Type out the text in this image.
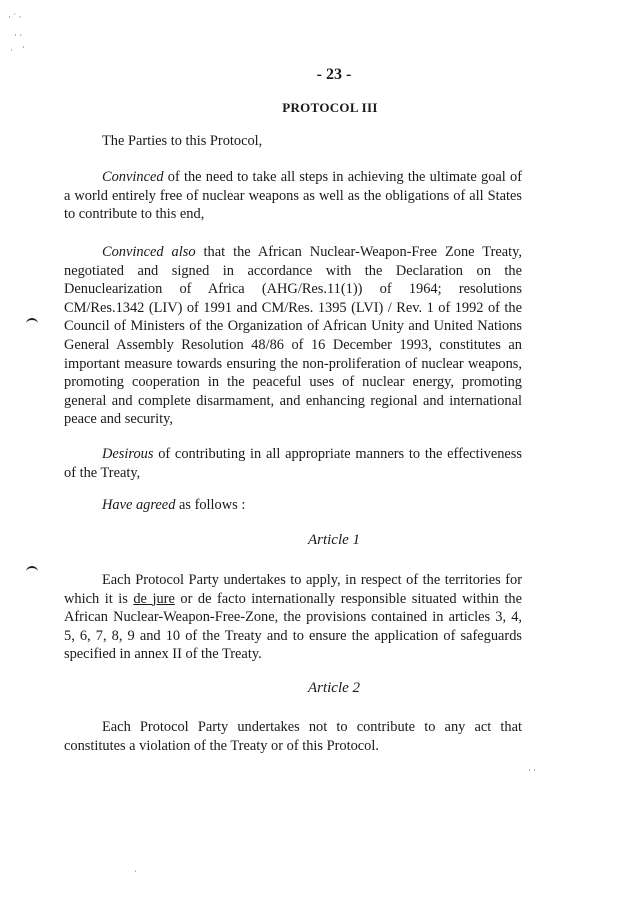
· ˙ ·
· ·
·
˙
- 23 -
PROTOCOL III
The Parties to this Protocol,
Convinced of the need to take all steps in achieving the ultimate goal of a world entirely free of nuclear weapons as well as the obligations of all States to contribute to this end,
Convinced also that the African Nuclear-Weapon-Free Zone Treaty, negotiated and signed in accordance with the Declaration on the Denuclearization of Africa (AHG/Res.11(1)) of 1964; resolutions CM/Res.1342 (LIV) of 1991 and CM/Res. 1395 (LVI) / Rev. 1 of 1992 of the Council of Ministers of the Organization of African Unity and United Nations General Assembly Resolution 48/86 of 16 December 1993, constitutes an important measure towards ensuring the non-proliferation of nuclear weapons, promoting cooperation in the peaceful uses of nuclear energy, promoting general and complete disarmament, and enhancing regional and international peace and security,
Desirous of contributing in all appropriate manners to the effectiveness of the Treaty,
Have agreed as follows :
Article 1
Each Protocol Party undertakes to apply, in respect of the territories for which it is de jure or de facto internationally responsible situated within the African Nuclear-Weapon-Free-Zone, the provisions contained in articles 3, 4, 5, 6, 7, 8, 9 and 10 of the Treaty and to ensure the application of safeguards specified in annex II of the Treaty.
Article 2
Each Protocol Party undertakes not to contribute to any act that constitutes a violation of the Treaty or of this Protocol.
· ·
ˌ
